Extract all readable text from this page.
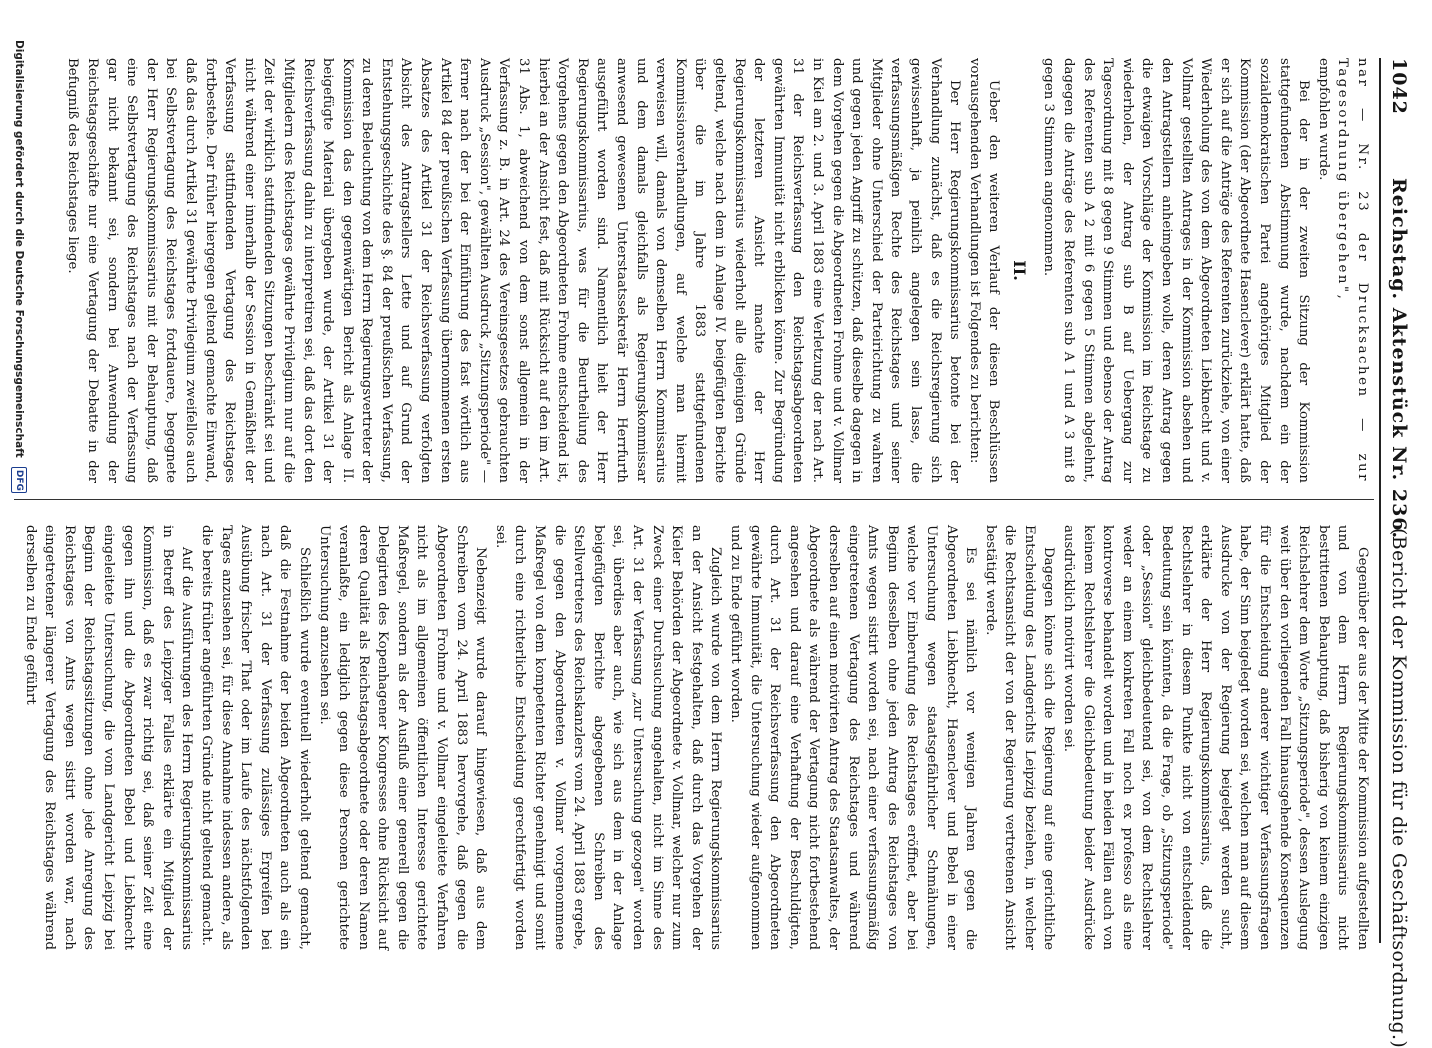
1042
Reichstag. Aktenstück Nr. 236.
(Bericht der Kommission für die Geschäftsordnung.)

nar — Nr. 23 der Drucksachen — zur Tagesordnung übergehen",

empfohlen wurde.

Bei der in der zweiten Sitzung der Kommission stattgefundenen Abstimmung wurde, nachdem ein der sozialdemokratischen Partei angehöriges Mitglied der Kommission (der Abgeordnete Hasenclever) erklärt hatte, daß er sich auf die Anträge des Referenten zurückziehe, von einer Wiederholung des von dem Abgeordneten Liebknecht und v. Vollmar gestellten Antrages in der Kommission absehen und den Antragstellern anheimgeben wolle, deren Antrag gegen die etwaigen Vorschläge der Kommission im Reichstage zu wiederholen, der Antrag sub B auf Uebergang zur Tagesordnung mit 8 gegen 9 Stimmen und ebenso der Antrag des Referenten sub A 2 mit 6 gegen 5 Stimmen abgelehnt, dagegen die Anträge des Referenten sub A 1 und A 3 mit 8 gegen 3 Stimmen angenommen.

II.

Ueber den weiteren Verlauf der diesen Beschlüssen vorausgehenden Verhandlungen ist Folgendes zu berichten:

Der Herr Regierungskommissarius betonte bei der Verhandlung zunächst, daß es die Reichsregierung sich gewissenhaft, ja peinlich angelegen sein lasse, die verfassungsmäßigen Rechte des Reichstages und seiner Mitglieder ohne Unterschied der Parteirichtung zu wahren und gegen jeden Angriff zu schützen, daß dieselbe dagegen in dem Vorgehen gegen die Abgeordneten Frohme und v. Vollmar in Kiel am 2. und 3. April 1883 eine Verletzung der nach Art. 31 der Reichsverfassung den Reichstagsabgeordneten gewährten Immunität nicht erblicken könne. Zur Begründung der letzteren Ansicht machte der Herr Regierungskommissarius wiederholt alle diejenigen Gründe geltend, welche nach dem in Anlage IV. beigefügten Berichte über die im Jahre 1883 stattgefundenen Kommissionsverhandlungen, auf welche man hiermit verweisen will, damals von demselben Herrn Kommissarius und dem damals gleichfalls als Regierungskommissar anwesend gewesenen Unterstaatssekretär Herrn Herrfurth ausgeführt worden sind. Namentlich hielt der Herr Regierungskommissarius, was für die Beurtheilung des Vorgehens gegen den Abgeordneten Frohme entscheidend ist, hierbei an der Ansicht fest, daß mit Rücksicht auf den im Art. 31 Abs. 1, abweichend von dem sonst allgemein in der Verfassung z. B. in Art. 24 des Vereinsgesetzes gebrauchten Ausdruck „Session", gewählten Ausdruck „Sitzungsperiode" — ferner nach der bei der Einführung des fast wörtlich aus Artikel 84 der preußischen Verfassung übernommenen ersten Absatzes des Artikel 31 der Reichsverfassung verfolgten Absicht des Antragstellers Lette und auf Grund der Entstehungsgeschichte des §. 84 der preußischen Verfassung, zu deren Beleuchtung von dem Herrn Regierungsvertreter der Kommission das den gegenwärtigen Bericht als Anlage II. beigefügte Material übergeben wurde, der Artikel 31 der Reichsverfassung dahin zu interpretiren sei, daß das dort den Mitgliedern des Reichstages gewährte Privilegium nur auf die Zeit der wirklich stattfindenden Sitzungen beschränkt sei und nicht während einer innerhalb der Session in Gemäßheit der Verfassung stattfindenden Vertagung des Reichstages fortbestehe. Der früher hiergegen geltend gemachte Einwand, daß das durch Artikel 31 gewährte Privilegium zweifellos auch bei Selbstvertagung des Reichstages fortdauere, begegnete der Herr Regierungskommissarius mit der Behauptung, daß eine Selbstvertagung des Reichstages nach der Verfassung gar nicht bekannt sei, sondern bei Anwendung der Reichstagsgeschäfte nur eine Vertagung der Debatte in der Befugniß des Reichstages liege.

Gegenüber der aus der Mitte der Kommission aufgestellten und von dem Herrn Regierungskommissarius nicht bestrittenen Behauptung, daß bisherig von keinem einzigen Reichslehrer dem Worte „Sitzungsperiode", dessen Auslegung weit über den vorliegenden Fall hinausgehende Konsequenzen für die Entscheidung anderer wichtiger Verfassungsfragen habe, der Sinn beigelegt worden sei, welchen man auf diesem Ausdrucke von der Regierung beigelegt werden sucht, erklärte der Herr Regierungskommissarius, daß die Rechtslehrer in diesem Punkte nicht von entscheidender Bedeutung sein könnten, da die Frage, ob „Sitzungsperiode" oder „Session" gleichbedeutend sei, von dem Rechtslehrer weder an einem konkreten Fall noch ex professo als eine kontroverse behandelt worden und in beiden Fällen auch von keinem Rechtslehrer die Gleichbedeutung beider Ausdrücke ausdrücklich motivirt worden sei.

Dagegen könne sich die Regierung auf eine gerichtliche Entscheidung des Landgerichts Leipzig beziehen, in welcher die Rechtsansicht der von der Regierung vertretenen Ansicht bestätigt werde.

Es sei nämlich vor wenigen Jahren gegen die Abgeordneten Liebknecht, Hasenclever und Bebel in einer Untersuchung wegen staatsgefährlicher Schmähungen, welche vor Einberufung des Reichstages eröffnet, aber bei Beginn desselben ohne jeden Antrag des Reichstages von Amts wegen sistirt worden sei, nach einer verfassungsmäßig eingetretenen Vertagung des Reichstages und während derselben auf einen motivirten Antrag des Staatsanwaltes, der Abgeordnete als während der Vertagung nicht fortbestehend angesehen und darauf eine Verhaftung der Beschuldigten, durch Art. 31 der Reichsverfassung den Abgeordneten gewährte Immunität, die Untersuchung wieder aufgenommen und zu Ende geführt worden.

Zugleich wurde von dem Herrn Regierungskommissarius an der Ansicht festgehalten, daß durch das Vorgehen der Kieler Behörden der Abgeordnete v. Vollmar, welcher nur zum Zweck einer Durchsuchung angehalten, nicht im Sinne des Art. 31 der Verfassung „zur Untersuchung gezogen" worden sei, überdies aber auch, wie sich aus dem in der Anlage beigefügten Berichte abgegebenen Schreiben des Stellvertreters des Reichskanzlers vom 24. April 1883 ergebe, die gegen den Abgeordneten v. Vollmar vorgenommene Maßregel von dem kompetenten Richter genehmigt und somit durch eine richterliche Entscheidung gerechtfertigt worden sei.

Nebenzeigt wurde darauf hingewiesen, daß aus dem Schreiben vom 24. April 1883 hervorgehe, daß gegen die Abgeordneten Frohme und v. Vollmar eingeleitete Verfahren nicht als im allgemeinen öffentlichen Interesse gerichtete Maßregel, sondern als der Ausfluß einer generell gegen die Delegirten des Kopenhagener Kongresses ohne Rücksicht auf deren Qualität als Reichstagsabgeordnete oder deren Namen veranlaßte, ein lediglich gegen diese Personen gerichtete Untersuchung anzusehen sei.

Schließlich wurde eventuell wiederholt geltend gemacht, daß die Festnahme der beiden Abgeordneten auch als ein nach Art. 31 der Verfassung zulässiges Ergreifen bei Ausübung frischer That oder im Laufe des nächstfolgenden Tages anzusehen sei, für diese Annahme indessen andere, als die bereits früher angeführten Gründe nicht geltend gemacht.

Auf die Ausführungen des Herrn Regierungskommissarius in Betreff des Leipziger Falles erklärte ein Mitglied der Kommission, daß es zwar richtig sei, daß seiner Zeit eine gegen ihn und die Abgeordneten Bebel und Liebknecht eingeleitete Untersuchung, die vom Landgericht Leipzig bei Beginn der Reichstagssitzungen ohne jede Anregung des Reichstages von Amts wegen sistirt worden war, nach eingetretener längerer Vertagung des Reichstages während derselben zu Ende geführt

Digitalisierung gefördert durch die Deutsche Forschungsgemeinschaft DFG
